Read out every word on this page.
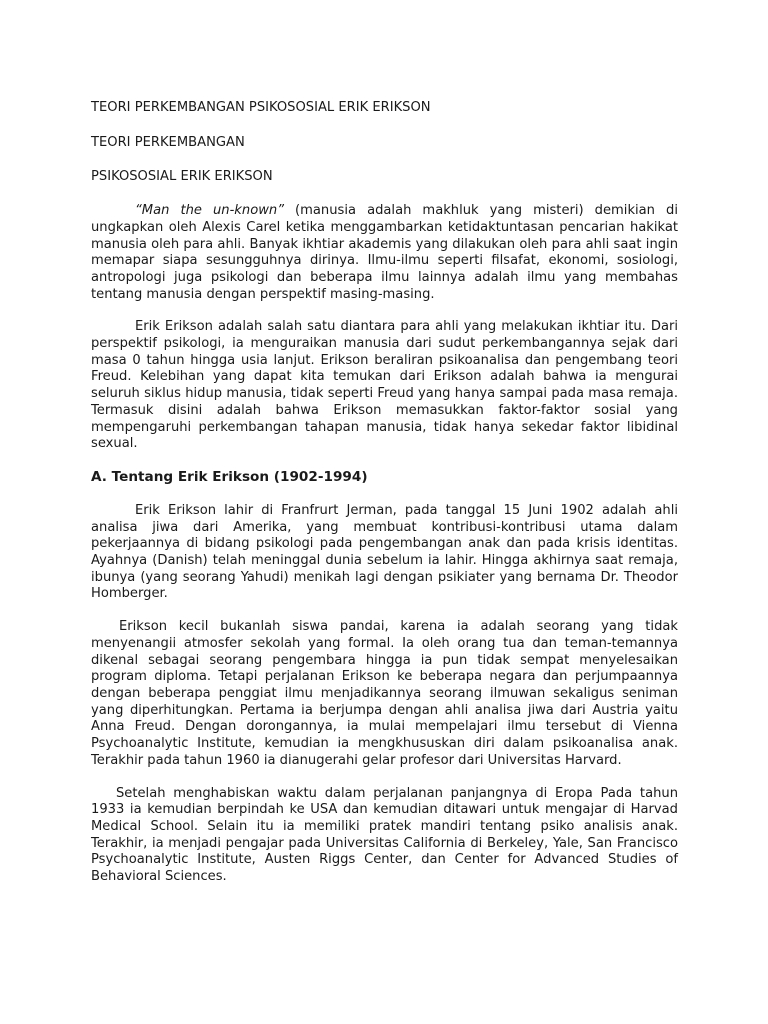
TEORI PERKEMBANGAN PSIKOSOSIAL ERIK ERIKSON

TEORI PERKEMBANGAN

PSIKOSOSIAL ERIK ERIKSON

“Man the un-known” (manusia adalah makhluk yang misteri) demikian di ungkapkan oleh Alexis Carel ketika menggambarkan ketidaktuntasan pencarian hakikat manusia oleh para ahli. Banyak ikhtiar akademis yang dilakukan oleh para ahli saat ingin memapar siapa sesungguhnya dirinya. Ilmu-ilmu seperti filsafat, ekonomi, sosiologi, antropologi juga psikologi dan beberapa ilmu lainnya adalah ilmu yang membahas tentang manusia dengan perspektif masing-masing.

Erik Erikson adalah salah satu diantara para ahli yang melakukan ikhtiar itu. Dari perspektif psikologi, ia menguraikan manusia dari sudut perkembangannya sejak dari masa 0 tahun hingga usia lanjut. Erikson beraliran psikoanalisa dan pengembang teori Freud. Kelebihan yang dapat kita temukan dari Erikson adalah bahwa ia mengurai seluruh siklus hidup manusia, tidak seperti Freud yang hanya sampai pada masa remaja. Termasuk disini adalah bahwa Erikson memasukkan faktor-faktor sosial yang mempengaruhi perkembangan tahapan manusia, tidak hanya sekedar faktor libidinal sexual.

A. Tentang Erik Erikson (1902-1994)

Erik Erikson lahir di Franfrurt Jerman, pada tanggal 15 Juni 1902 adalah ahli analisa jiwa dari Amerika, yang membuat kontribusi-kontribusi utama dalam pekerjaannya di bidang psikologi pada pengembangan anak dan pada krisis identitas. Ayahnya (Danish) telah meninggal dunia sebelum ia lahir. Hingga akhirnya saat remaja, ibunya (yang seorang Yahudi) menikah lagi dengan psikiater yang bernama Dr. Theodor Homberger.

Erikson kecil bukanlah siswa pandai, karena ia adalah seorang yang tidak menyenangii atmosfer sekolah yang formal. Ia oleh orang tua dan teman-temannya dikenal sebagai seorang pengembara hingga ia pun tidak sempat menyelesaikan program diploma. Tetapi perjalanan Erikson ke beberapa negara dan perjumpaannya dengan beberapa penggiat ilmu menjadikannya seorang ilmuwan sekaligus seniman yang diperhitungkan. Pertama ia berjumpa dengan ahli analisa jiwa dari Austria yaitu Anna Freud. Dengan dorongannya, ia mulai mempelajari ilmu tersebut di Vienna Psychoanalytic Institute, kemudian ia mengkhususkan diri dalam psikoanalisa anak. Terakhir pada tahun 1960 ia dianugerahi gelar profesor dari Universitas Harvard.

Setelah menghabiskan waktu dalam perjalanan panjangnya di Eropa Pada tahun 1933 ia kemudian berpindah ke USA dan kemudian ditawari untuk mengajar di Harvad Medical School. Selain itu ia memiliki pratek mandiri tentang psiko analisis anak. Terakhir, ia menjadi pengajar pada Universitas California di Berkeley, Yale, San Francisco Psychoanalytic Institute, Austen Riggs Center, dan Center for Advanced Studies of Behavioral Sciences.
